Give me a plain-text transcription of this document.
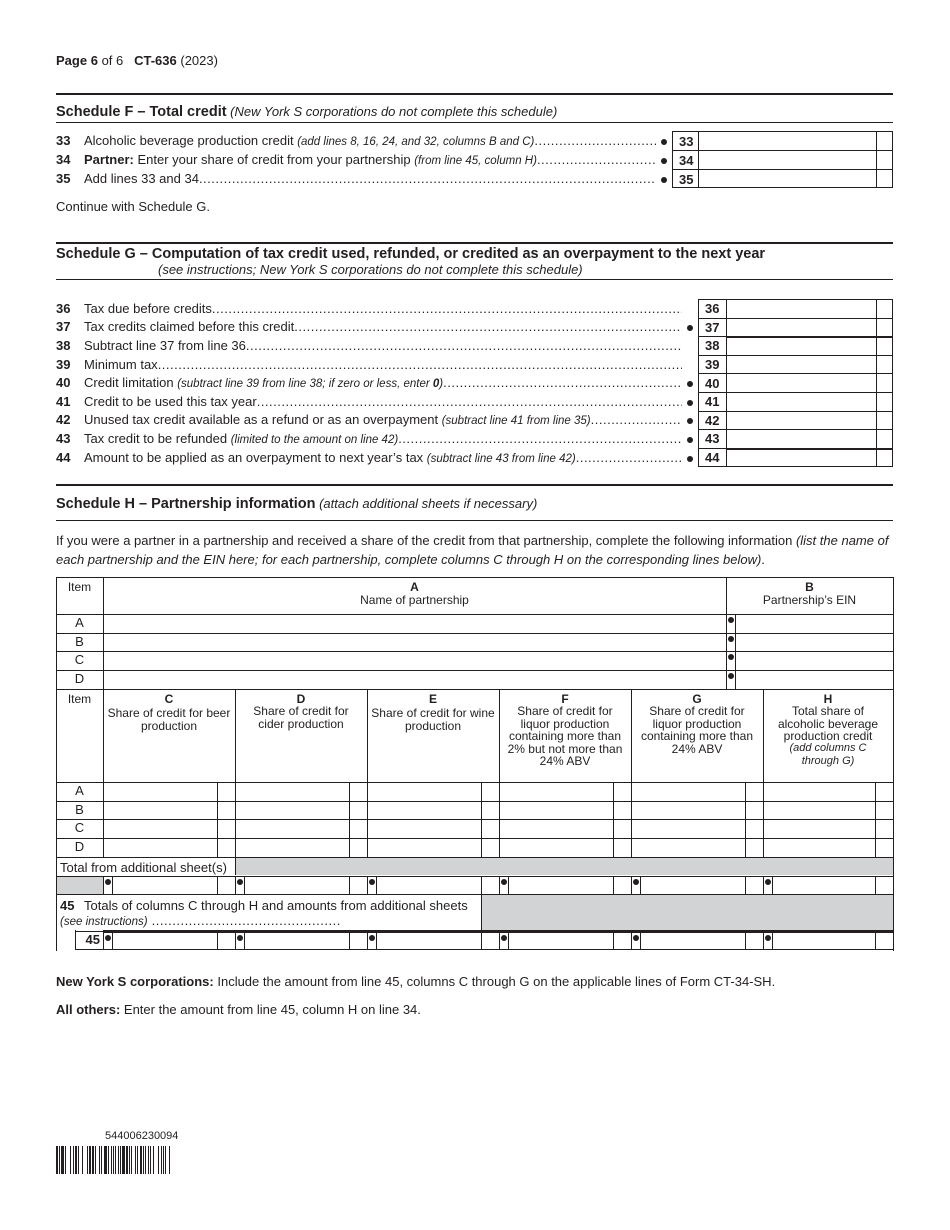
Page 6 of 6 CT-636 (2023)
Schedule F – Total credit (New York S corporations do not complete this schedule)
33	Alcoholic beverage production credit (add lines 8, 16, 24, and 32, columns B and C) .....	33
34	Partner: Enter your share of credit from your partnership (from line 45, column H) .....	34
35	Add lines 33 and 34 .....	35
Continue with Schedule G.
Schedule G – Computation of tax credit used, refunded, or credited as an overpayment to the next year
(see instructions; New York S corporations do not complete this schedule)
36	Tax due before credits .....	36
37	Tax credits claimed before this credit .....	37
38	Subtract line 37 from line 36 .....	38
39	Minimum tax .....	39
40	Credit limitation (subtract line 39 from line 38; if zero or less, enter 0) .....	40
41	Credit to be used this tax year .....	41
42	Unused tax credit available as a refund or as an overpayment (subtract line 41 from line 35) .....	42
43	Tax credit to be refunded (limited to the amount on line 42) .....	43
44	Amount to be applied as an overpayment to next year’s tax (subtract line 43 from line 42) .....	44
Schedule H – Partnership information (attach additional sheets if necessary)
If you were a partner in a partnership and received a share of the credit from that partnership, complete the following information (list the name of each partnership and the EIN here; for each partnership, complete columns C through H on the corresponding lines below).
Item	A
Name of partnership
B
Partnership’s EIN
A
B
C
D
Item	C
Share of credit for beer production
D
Share of credit for cider production
E
Share of credit for wine production
F
Share of credit for liquor production containing more than 2% but not more than 24% ABV
G
Share of credit for liquor production containing more than 24% ABV
H
Total share of alcoholic beverage production credit
(add columns C through G)
A
B
C
D
Total from additional sheet(s)
45 Totals of columns C through H and amounts from additional sheets (see instructions) ..............................................
45
New York S corporations: Include the amount from line 45, columns C through G on the applicable lines of Form CT-34-SH.
All others: Enter the amount from line 45, column H on line 34.
544006230094
